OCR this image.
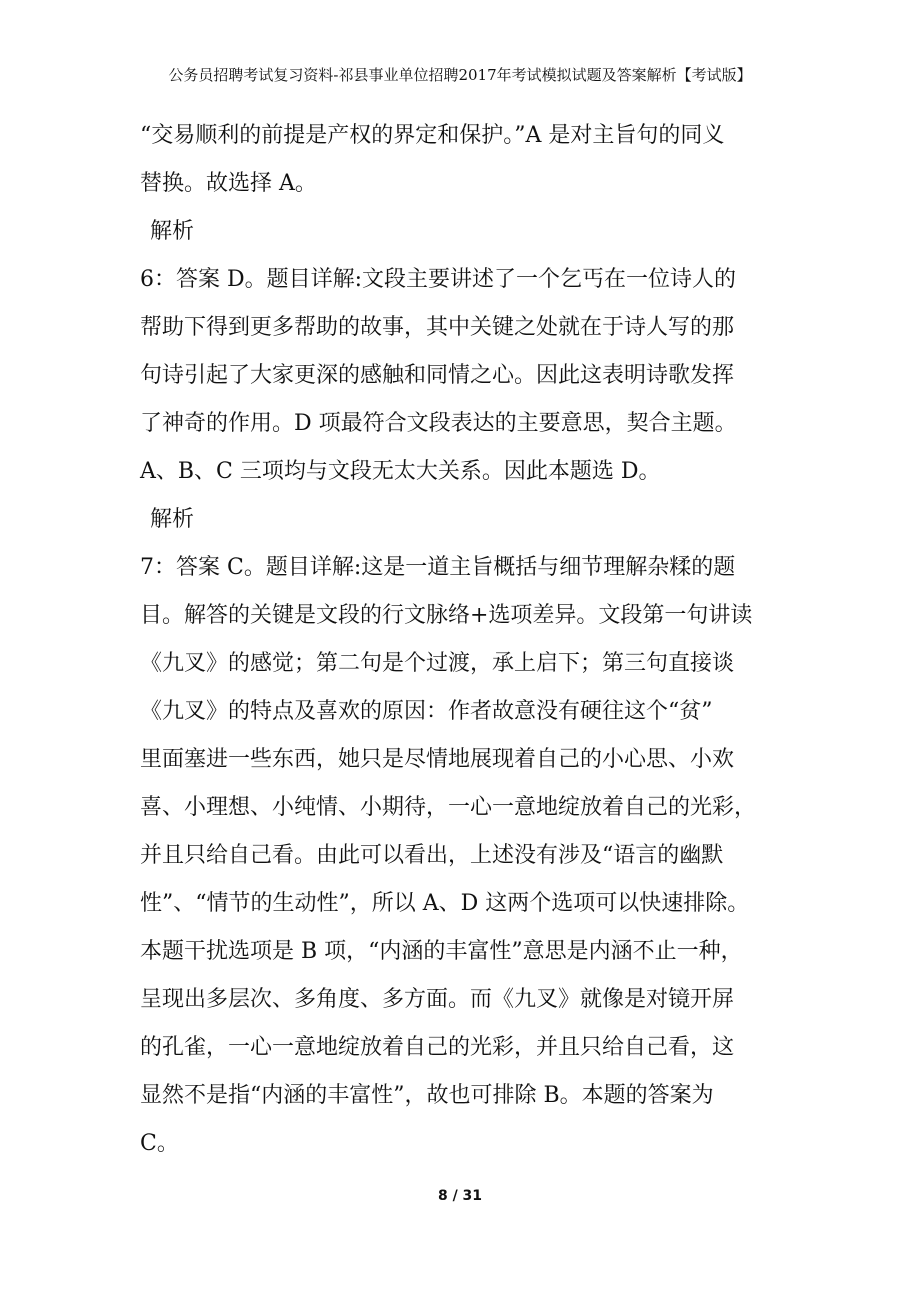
公务员招聘考试复习资料-祁县事业单位招聘2017年考试模拟试题及答案解析【考试版】
“交易顺利的前提是产权的界定和保护。”A 是对主旨句的同义
替换。故选择 A。
解析
6：答案 D。题目详解:文段主要讲述了一个乞丐在一位诗人的
帮助下得到更多帮助的故事，其中关键之处就在于诗人写的那
句诗引起了大家更深的感触和同情之心。因此这表明诗歌发挥
了神奇的作用。D 项最符合文段表达的主要意思，契合主题。
A、B、C 三项均与文段无太大关系。因此本题选 D。
解析
7：答案 C。题目详解:这是一道主旨概括与细节理解杂糅的题
目。解答的关键是文段的行文脉络+选项差异。文段第一句讲读
《九叉》的感觉；第二句是个过渡，承上启下；第三句直接谈
《九叉》的特点及喜欢的原因：作者故意没有硬往这个“贫”
里面塞进一些东西，她只是尽情地展现着自己的小心思、小欢
喜、小理想、小纯情、小期待，一心一意地绽放着自己的光彩，
并且只给自己看。由此可以看出，上述没有涉及“语言的幽默
性”、“情节的生动性”，所以 A、D 这两个选项可以快速排除。
本题干扰选项是 B 项，“内涵的丰富性”意思是内涵不止一种，
呈现出多层次、多角度、多方面。而《九叉》就像是对镜开屏
的孔雀，一心一意地绽放着自己的光彩，并且只给自己看，这
显然不是指“内涵的丰富性”，故也可排除 B。本题的答案为
C。
8 / 31
